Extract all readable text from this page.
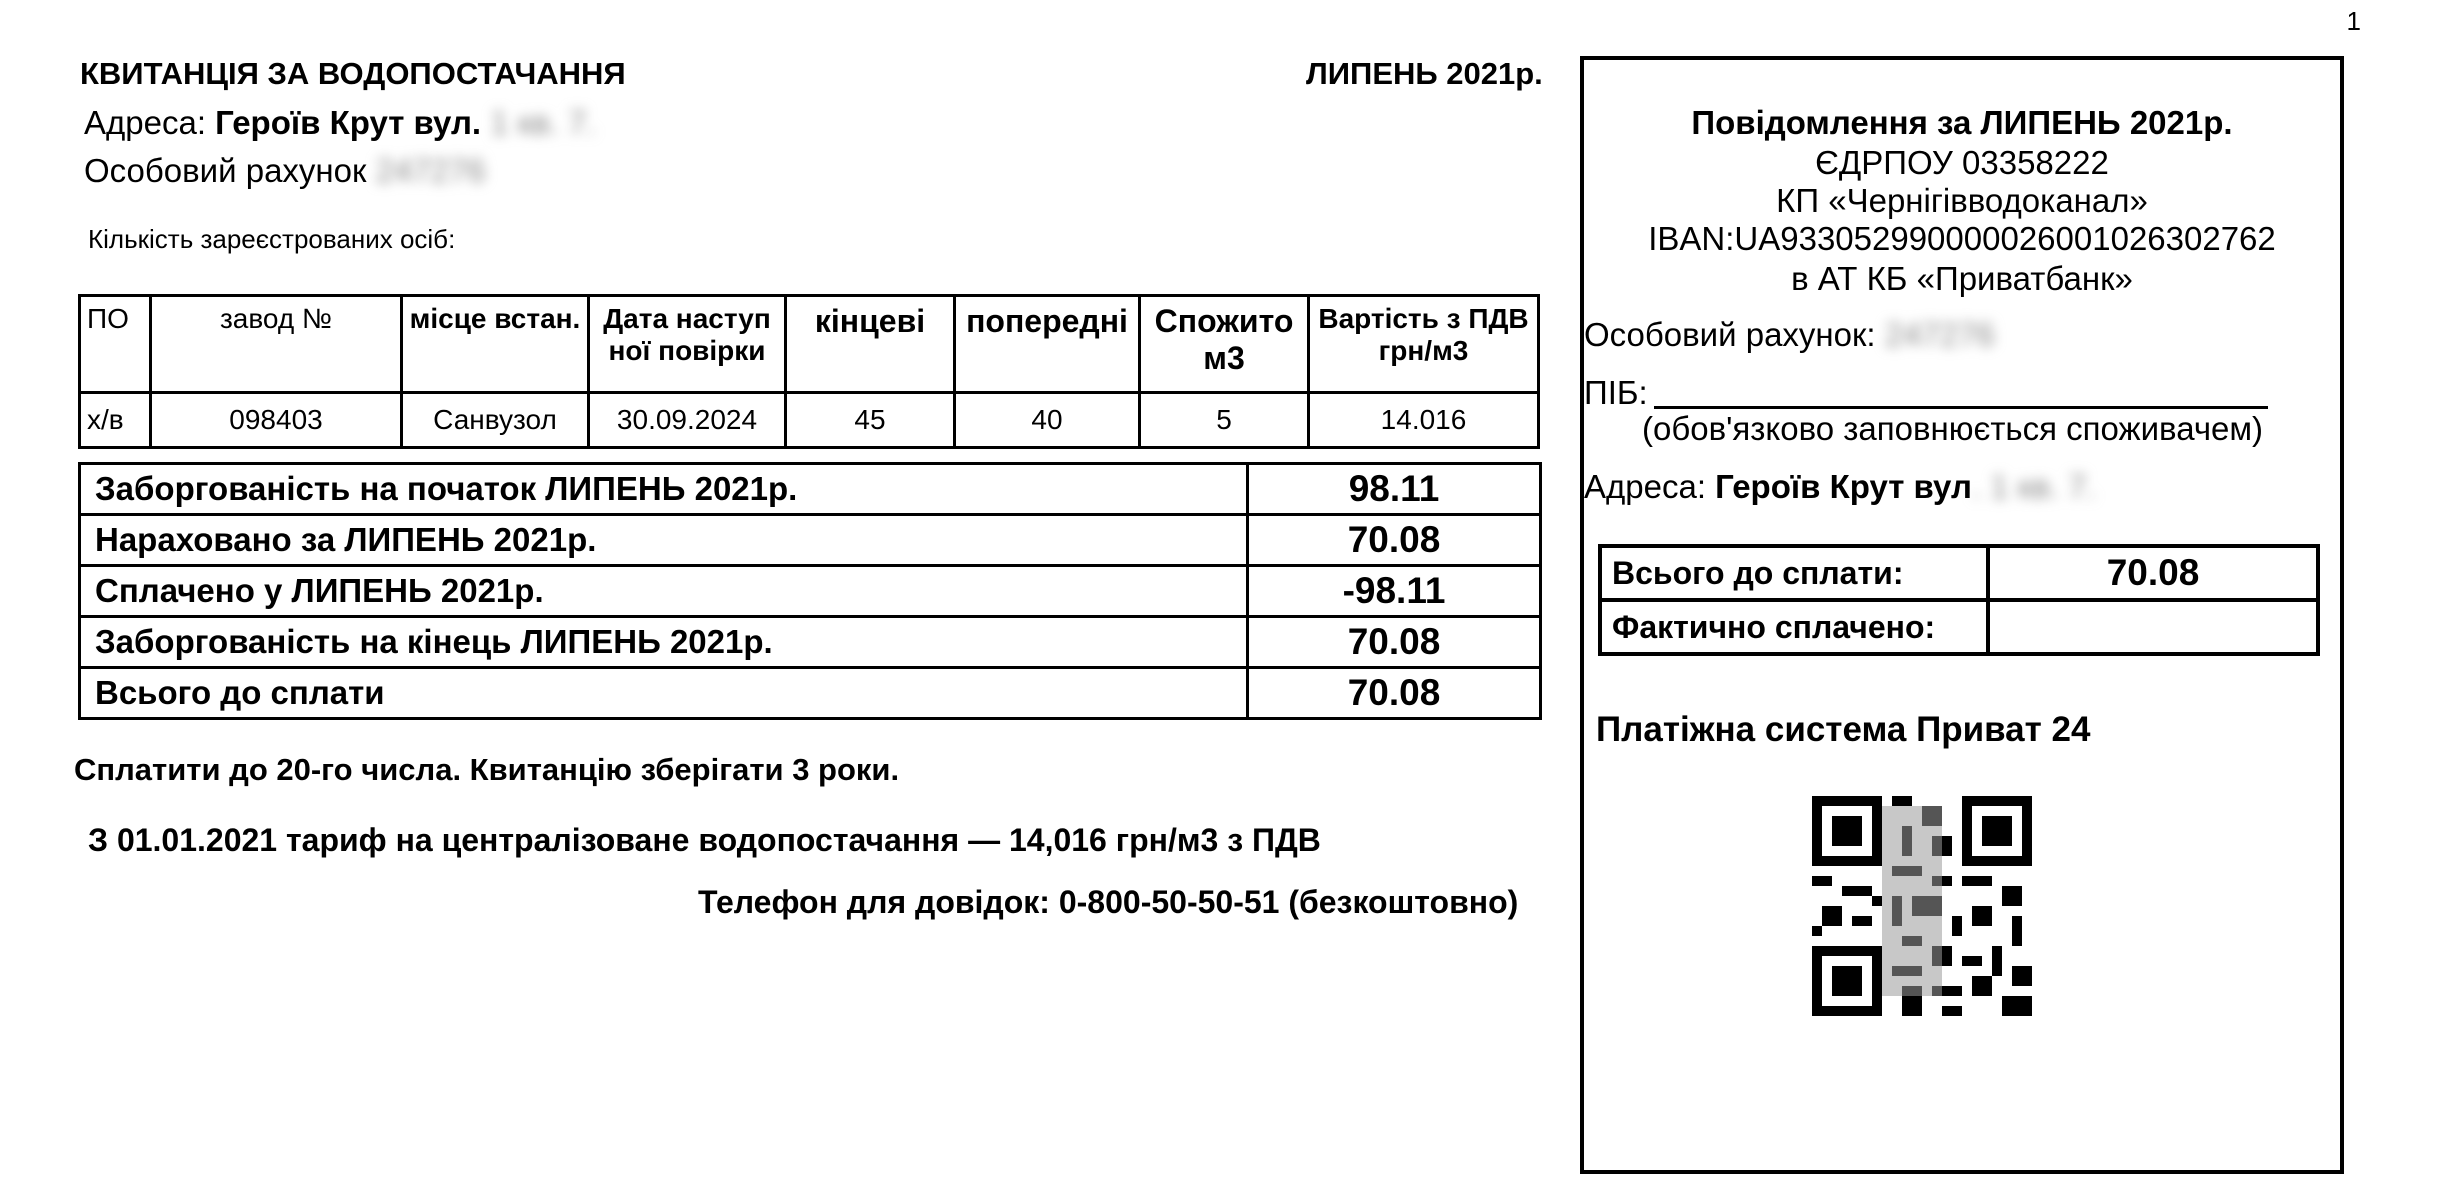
1
КВИТАНЦІЯ ЗА ВОДОПОСТАЧАННЯ	ЛИПЕНЬ 2021р.
Адреса: Героїв Крут вул. 1 кв. 7.
Особовий рахунок 247276
Кількість зареєстрованих осіб:
ПО	завод №	місце встан.	Дата наступ ної повірки	кінцеві	попередні	Спожито м3	Вартість з ПДВ грн/м3
х/в	098403	Санвузол	30.09.2024	45	40	5	14.016
Заборгованість на початок ЛИПЕНЬ 2021р.	98.11
Нараховано за ЛИПЕНЬ 2021р.	70.08
Сплачено у ЛИПЕНЬ 2021р.	-98.11
Заборгованість на кінець ЛИПЕНЬ 2021р.	70.08
Всього до сплати	70.08
Сплатити до 20-го числа. Квитанцію зберігати 3 роки.
З 01.01.2021 тариф на централізоване водопостачання — 14,016 грн/м3 з ПДВ
Телефон для довідок: 0-800-50-50-51 (безкоштовно)
Повідомлення за ЛИПЕНЬ 2021р.
ЄДРПОУ 03358222
КП «Чернігівводоканал»
IBAN:UA933052990000026001026302762
в АТ КБ «Приватбанк»
Особовий рахунок: 247276
ПІБ:
(обов'язково заповнюється споживачем)
Адреса: Героїв Крут вул. 1 кв. 7.
Всього до сплати:	70.08
Фактично сплачено:	
Платіжна система Приват 24
